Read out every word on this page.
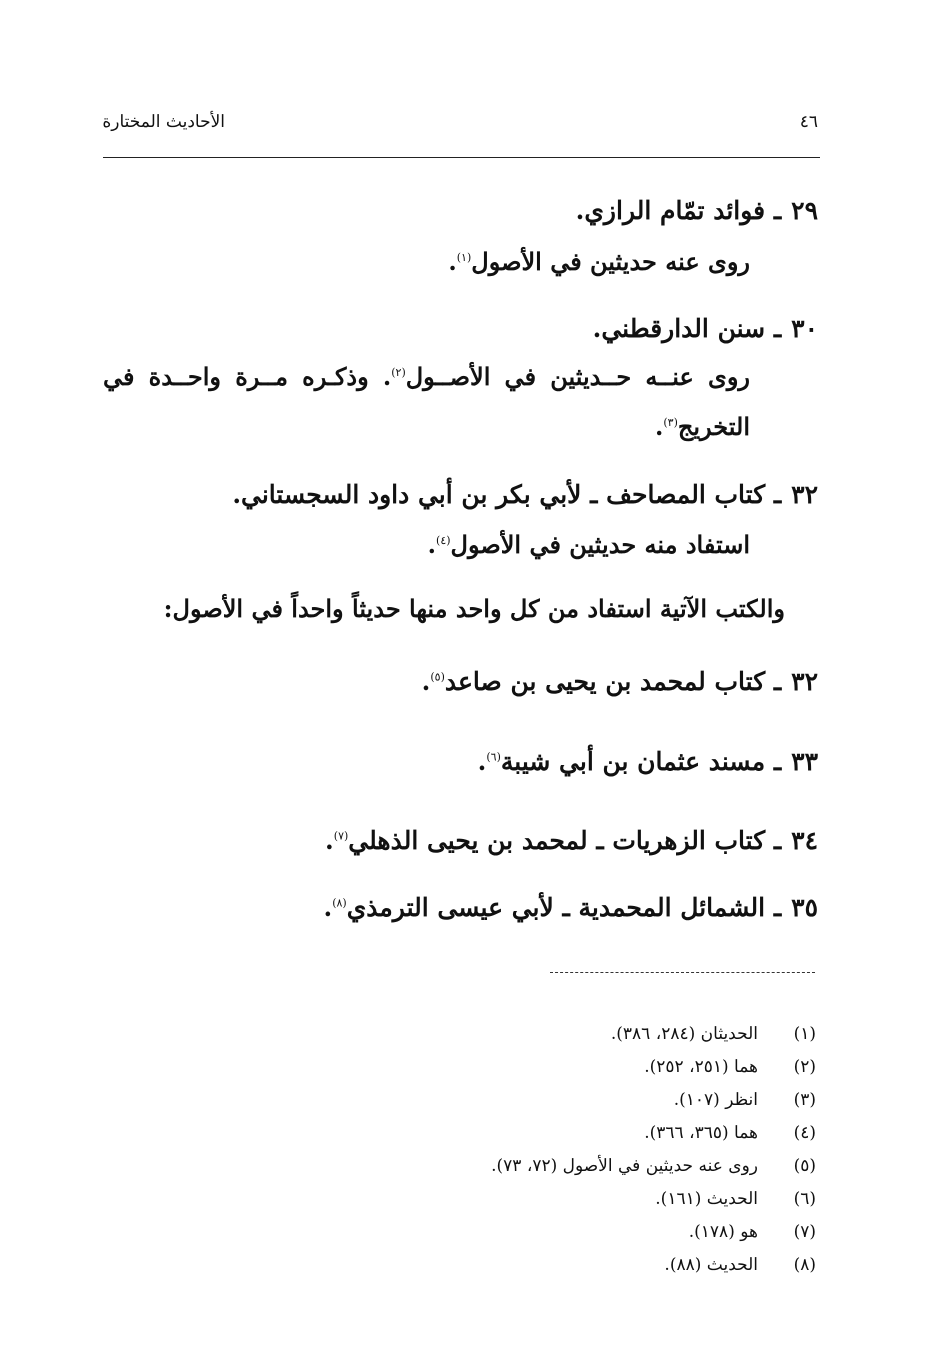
الأحاديث المختارة	٤٦
٢٩ـ فوائد تمّام الرازي.
روى عنه حديثين في الأصول$^{(١)}$.
٣٠ـ سنن الدارقطني.
روى عنــه حــديثين في الأصــول$^{(٢)}$. وذكـره مــرة واحــدة في
التخريج$^{(٣)}$.
٣٢ـ كتاب المصاحف ـ لأبي بكر بن أبي داود السجستاني.
استفاد منه حديثين في الأصول$^{(٤)}$.
والكتب الآتية استفاد من كل واحد منها حديثاً واحداً في الأصول:
٣٢ـ كتاب لمحمد بن يحيى بن صاعد$^{(٥)}$.
٣٣ـ مسند عثمان بن أبي شيبة$^{(٦)}$.
٣٤ـ كتاب الزهريات ـ لمحمد بن يحيى الذهلي$^{(٧)}$.
٣٥ـ الشمائل المحمدية ـ لأبي عيسى الترمذي$^{(٨)}$.
(١)الحديثان (٢٨٤، ٣٨٦).
(٢)هما (٢٥١، ٢٥٢).
(٣)انظر (١٠٧).
(٤)هما (٣٦٥، ٣٦٦).
(٥)روى عنه حديثين في الأصول (٧٢، ٧٣).
(٦)الحديث (١٦١).
(٧)هو (١٧٨).
(٨)الحديث (٨٨).
